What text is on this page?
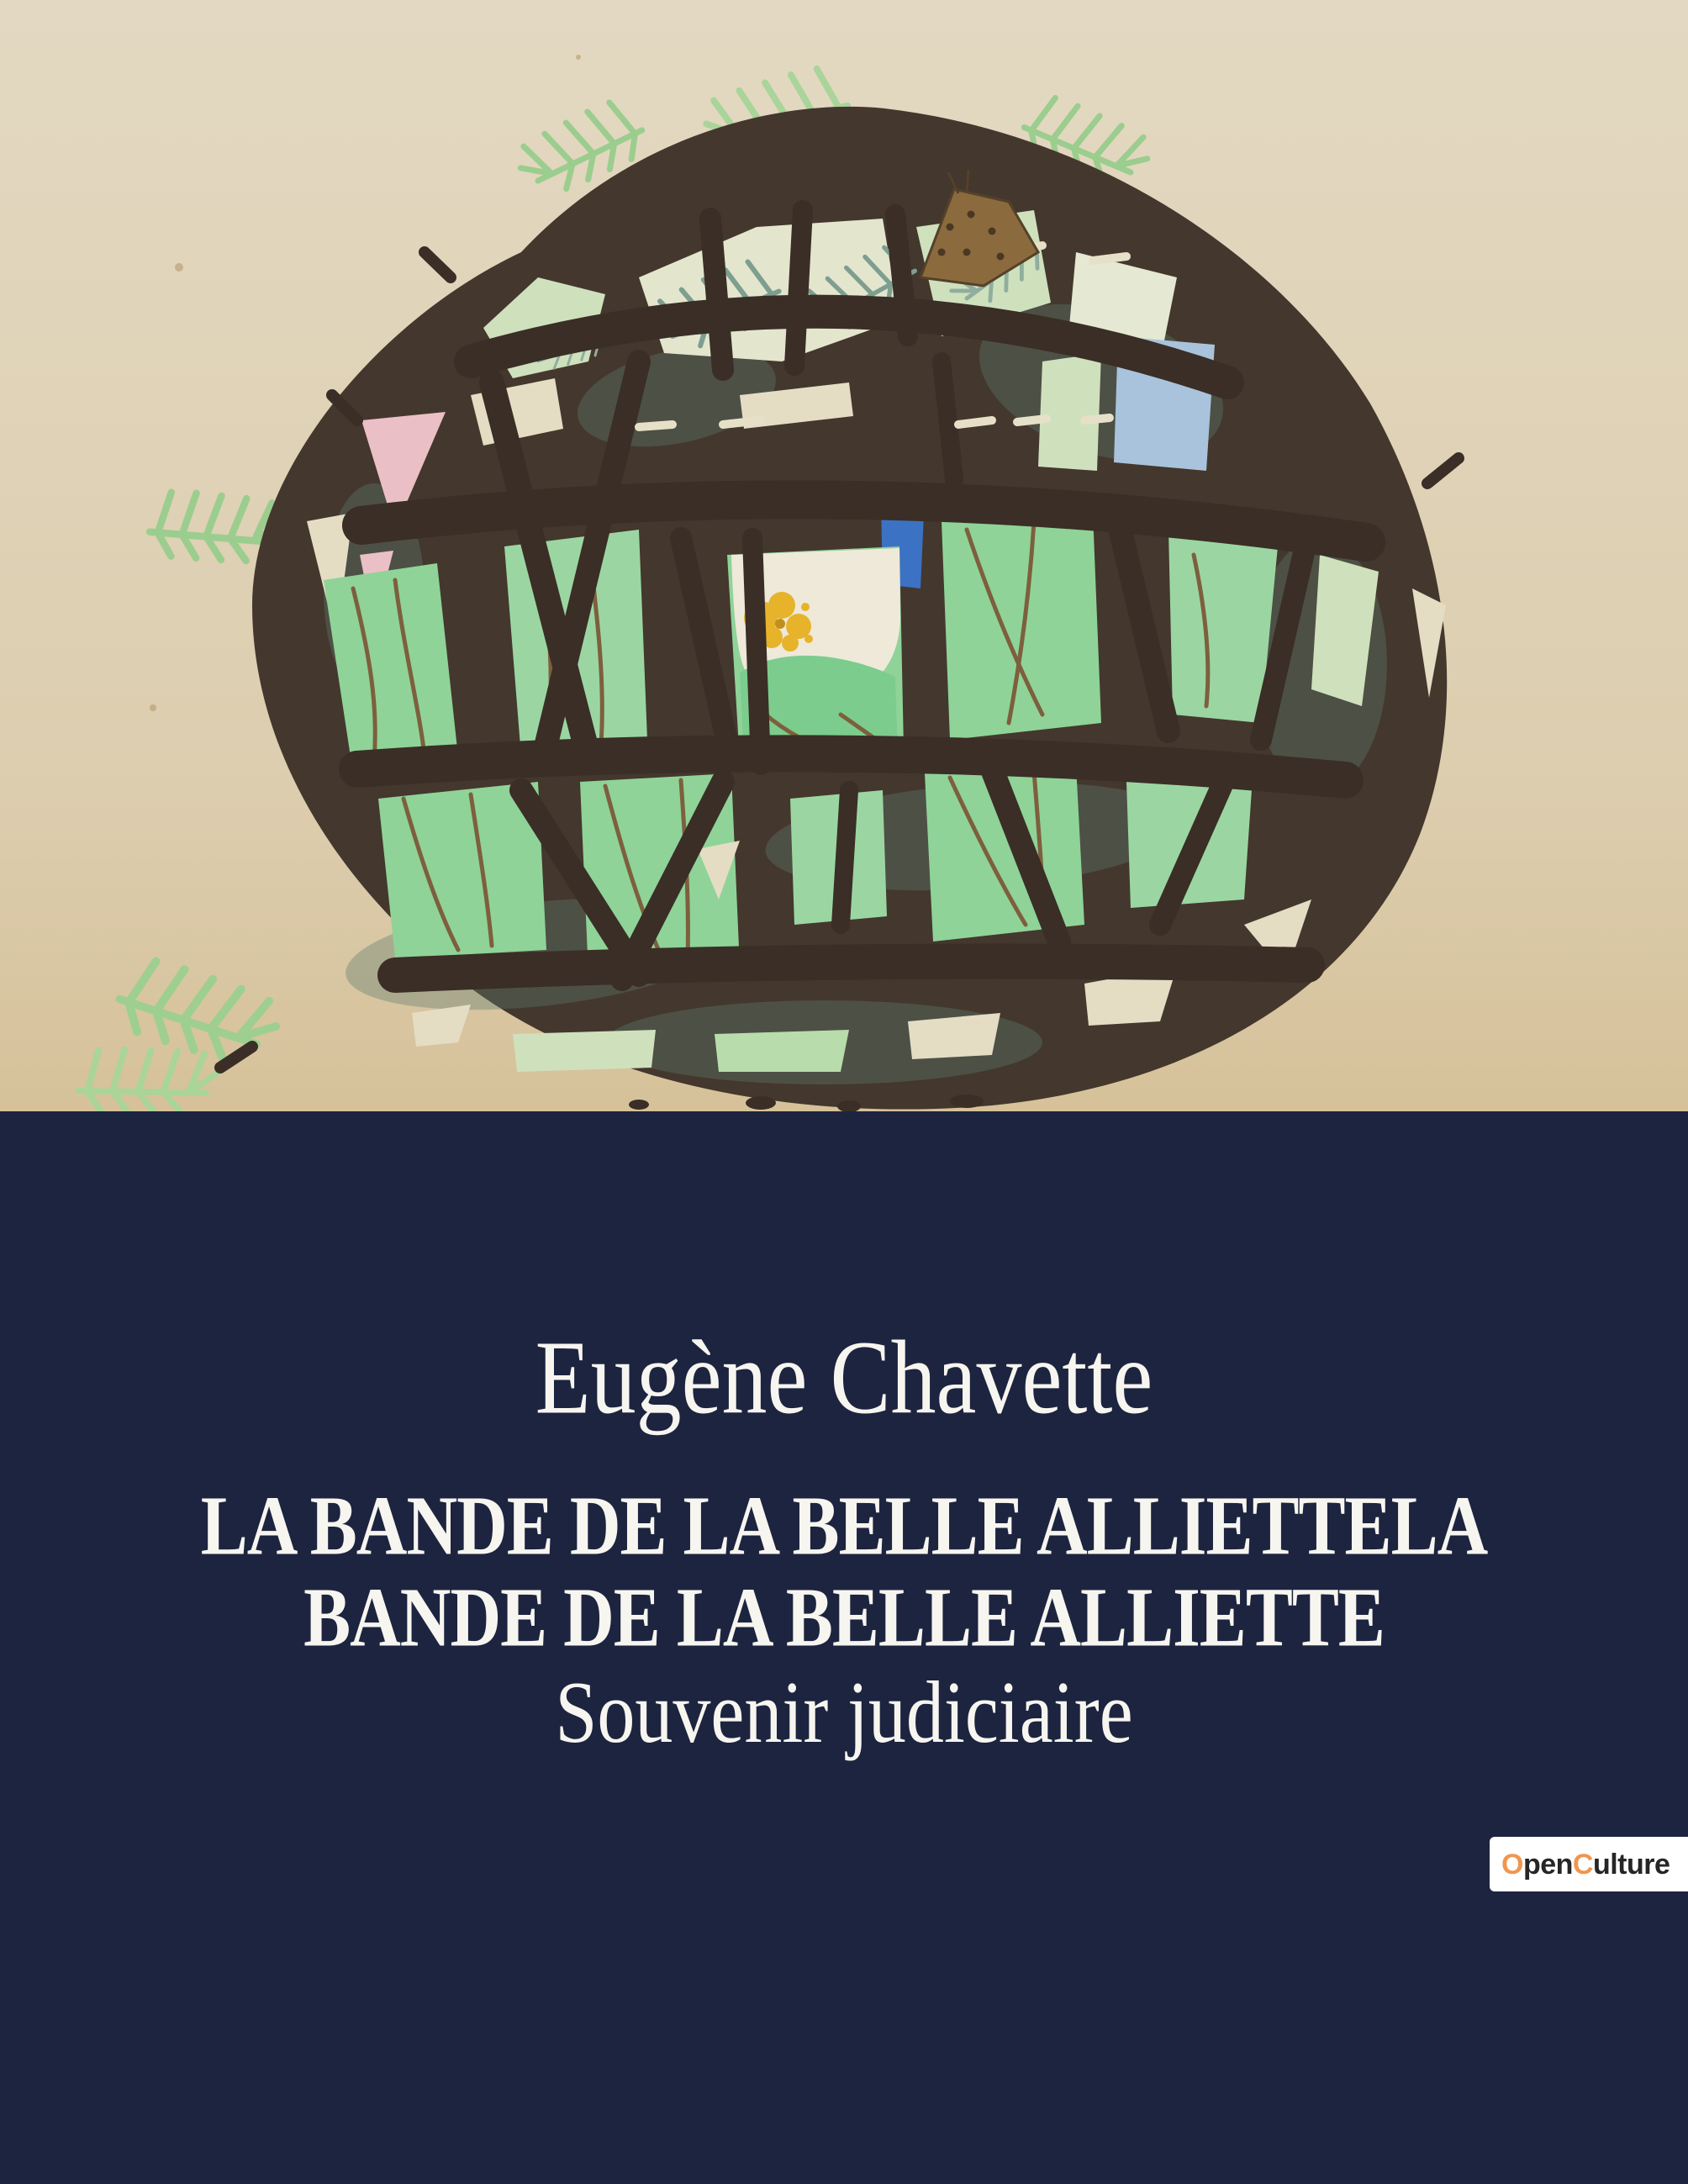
Eugène Chavette
LA BANDE DE LA BELLE ALLIETTELA
BANDE DE LA BELLE ALLIETTE
Souvenir judiciaire
O pen C ulture
